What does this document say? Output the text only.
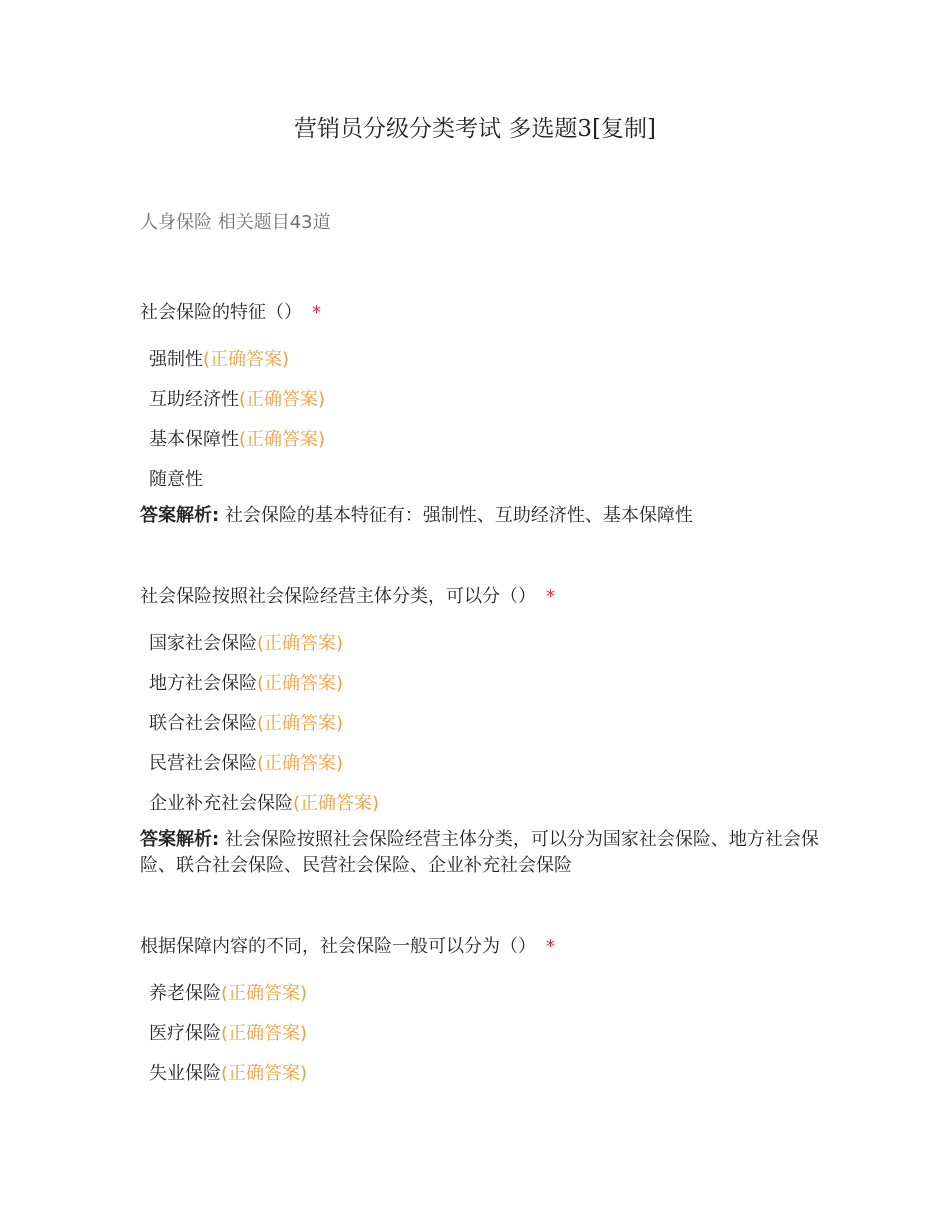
营销员分级分类考试 多选题3[复制]
人身保险 相关题目43道
社会保险的特征（） *
强制性(正确答案)
互助经济性(正确答案)
基本保障性(正确答案)
随意性
答案解析: 社会保险的基本特征有：强制性、互助经济性、基本保障性
社会保险按照社会保险经营主体分类，可以分（） *
国家社会保险(正确答案)
地方社会保险(正确答案)
联合社会保险(正确答案)
民营社会保险(正确答案)
企业补充社会保险(正确答案)
答案解析: 社会保险按照社会保险经营主体分类，可以分为国家社会保险、地方社会保险、联合社会保险、民营社会保险、企业补充社会保险
根据保障内容的不同，社会保险一般可以分为（） *
养老保险(正确答案)
医疗保险(正确答案)
失业保险(正确答案)
